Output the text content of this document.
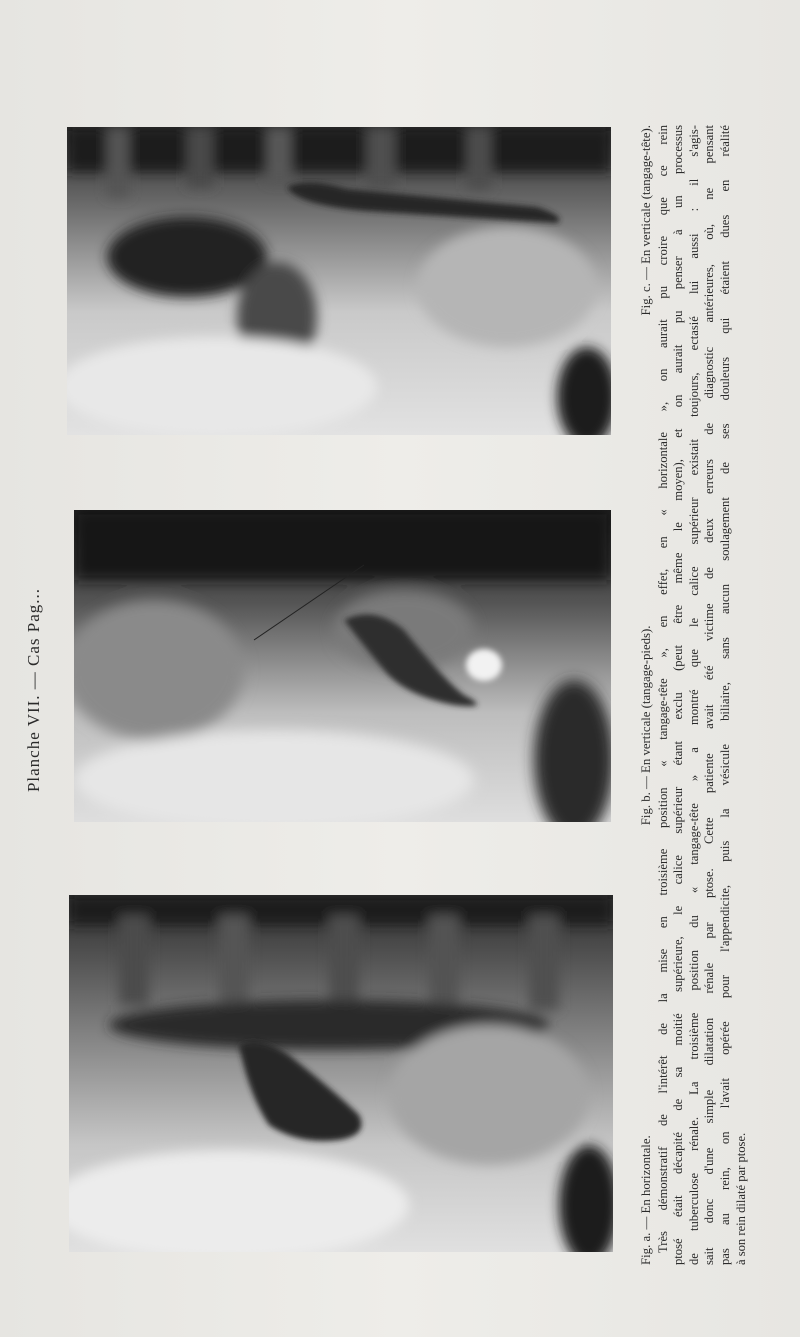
Planche VII. — Cas Pag...
Fig. a. — En horizontale.
Fig. b. — En verticale (tangage-pieds).
Fig. c. — En verticale (tangage-tête). Très démonstratif de l'intérêt de la mise en troisième position « tangage-tête », en effet, en « horizontale », on aurait pu croire que ce rein ptosé était décapité de sa moitié supérieure, le calice supérieur étant exclu (peut être même le moyen), et on aurait pu penser à un processus de tuberculose rénale. La troisième position du « tangage-tête » a montré que le calice supérieur existait toujours, ectasié lui aussi : il s'agis- sait donc d'une simple dilatation rénale par ptose. Cette patiente avait été victime de deux erreurs de diagnostic antérieures, où, ne pensant pas au rein, on l'avait opérée pour l'appendicite, puis la vésicule biliaire, sans aucun soulagement de ses douleurs qui étaient dues en réalité à son rein dilaté par ptose.
